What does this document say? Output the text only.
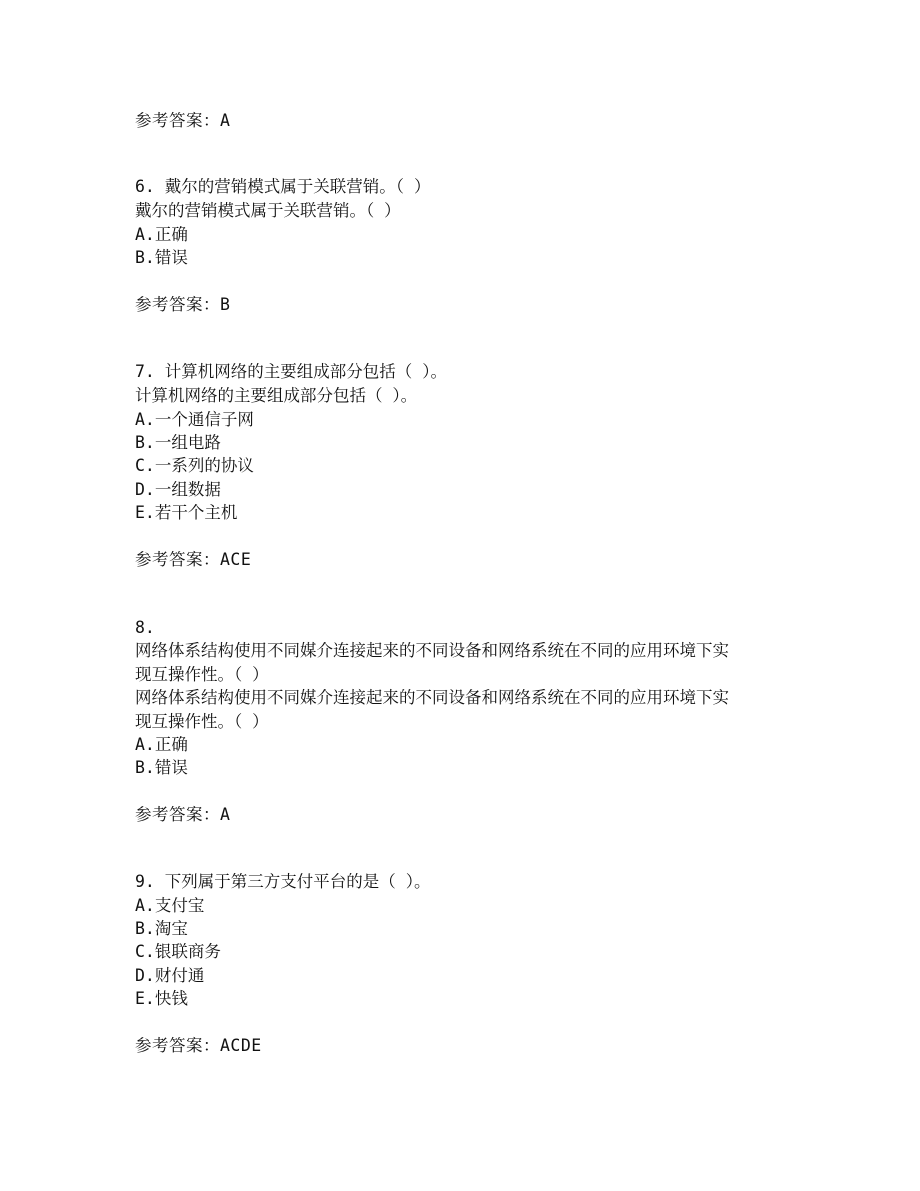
参考答案：A
6. 戴尔的营销模式属于关联营销。（ ）
戴尔的营销模式属于关联营销。（ ）
A.正确
B.错误
参考答案：B
7. 计算机网络的主要组成部分包括（ ）。
计算机网络的主要组成部分包括（ ）。
A.一个通信子网
B.一组电路
C.一系列的协议
D.一组数据
E.若干个主机
参考答案：ACE
8.
网络体系结构使用不同媒介连接起来的不同设备和网络系统在不同的应用环境下实
现互操作性。（ ）
网络体系结构使用不同媒介连接起来的不同设备和网络系统在不同的应用环境下实
现互操作性。（ ）
A.正确
B.错误
参考答案：A
9. 下列属于第三方支付平台的是（ ）。
A.支付宝
B.淘宝
C.银联商务
D.财付通
E.快钱
参考答案：ACDE
